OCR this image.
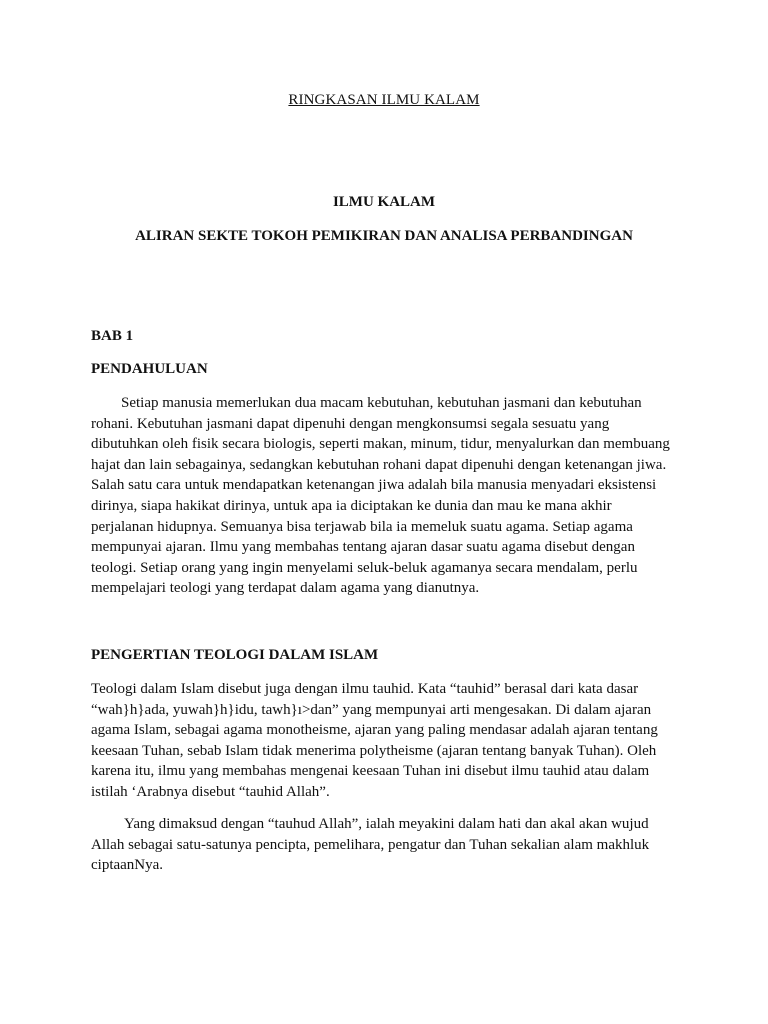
RINGKASAN ILMU KALAM
ILMU KALAM
ALIRAN SEKTE TOKOH PEMIKIRAN DAN ANALISA PERBANDINGAN
BAB 1
PENDAHULUAN

Setiap manusia memerlukan dua macam kebutuhan, kebutuhan jasmani dan kebutuhan
rohani. Kebutuhan jasmani dapat dipenuhi dengan mengkonsumsi segala sesuatu yang
dibutuhkan oleh fisik secara biologis, seperti makan, minum, tidur, menyalurkan dan membuang
hajat dan lain sebagainya, sedangkan kebutuhan rohani dapat dipenuhi dengan ketenangan jiwa.
Salah satu cara untuk mendapatkan ketenangan jiwa adalah bila manusia menyadari eksistensi
dirinya, siapa hakikat dirinya, untuk apa ia diciptakan ke dunia dan mau ke mana akhir
perjalanan hidupnya. Semuanya bisa terjawab bila ia memeluk suatu agama. Setiap agama
mempunyai ajaran. Ilmu yang membahas tentang ajaran dasar suatu agama disebut dengan
teologi. Setiap orang yang ingin menyelami seluk-beluk agamanya secara mendalam, perlu
mempelajari teologi yang terdapat dalam agama yang dianutnya.

PENGERTIAN TEOLOGI DALAM ISLAM

Teologi dalam Islam disebut juga dengan ilmu tauhid. Kata “tauhid” berasal dari kata dasar
“wah}h}ada, yuwah}h}idu, tawh}ı>dan” yang mempunyai arti mengesakan. Di dalam ajaran
agama Islam, sebagai agama monotheisme, ajaran yang paling mendasar adalah ajaran tentang
keesaan Tuhan, sebab Islam tidak menerima polytheisme (ajaran tentang banyak Tuhan). Oleh
karena itu, ilmu yang membahas mengenai keesaan Tuhan ini disebut ilmu tauhid atau dalam
istilah ‘Arabnya disebut “tauhid Allah”.

Yang dimaksud dengan “tauhud Allah”, ialah meyakini dalam hati dan akal akan wujud
Allah sebagai satu-satunya pencipta, pemelihara, pengatur dan Tuhan sekalian alam makhluk
ciptaanNya.
